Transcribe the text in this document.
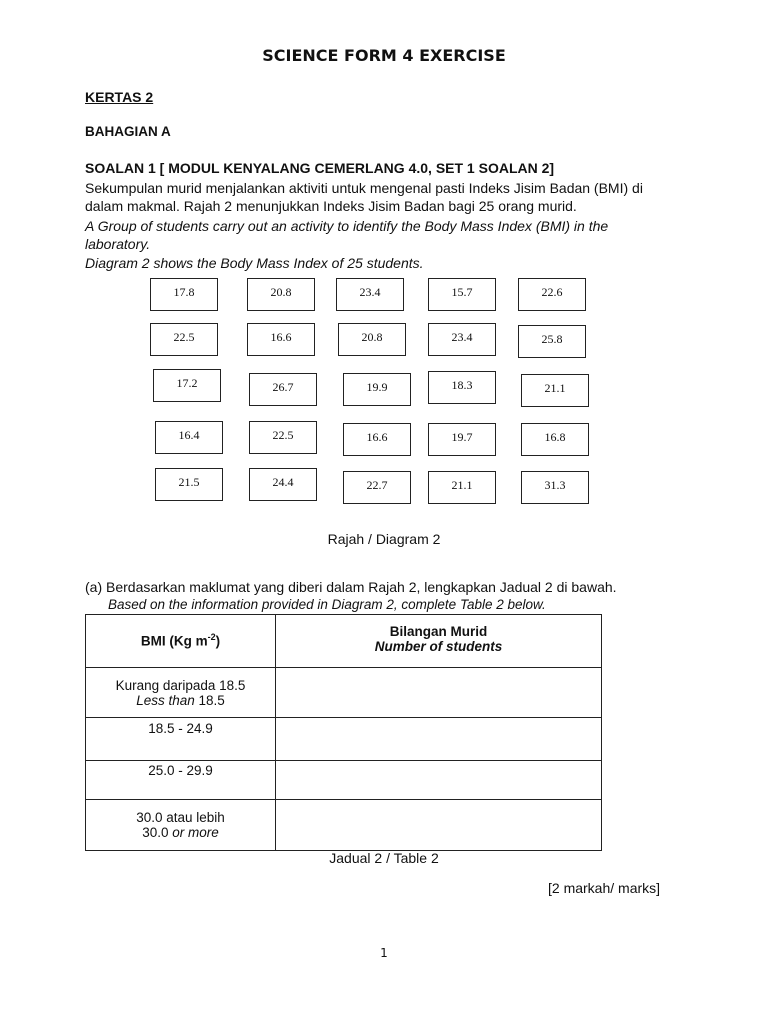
SCIENCE FORM 4 EXERCISE
KERTAS 2
BAHAGIAN A
SOALAN 1 [ MODUL KENYALANG CEMERLANG 4.0, SET 1 SOALAN 2]
Sekumpulan murid menjalankan aktiviti untuk mengenal pasti Indeks Jisim Badan (BMI) di
dalam makmal. Rajah 2 menunjukkan Indeks Jisim Badan bagi 25 orang murid.
A Group of students carry out an activity to identify the Body Mass Index (BMI) in the
laboratory.
Diagram 2 shows the Body Mass Index of 25 students.
17.8	20.8	23.4	15.7	22.6
22.5	16.6	20.8	23.4	25.8
17.2	26.7	19.9	18.3	21.1
16.4	22.5	16.6	19.7	16.8
21.5	24.4	22.7	21.1	31.3
Rajah / Diagram 2
(a) Berdasarkan maklumat yang diberi dalam Rajah 2, lengkapkan Jadual 2 di bawah.
Based on the information provided in Diagram 2, complete Table 2 below.
BMI (Kg $m^{-2}$)	Bilangan Murid
Number of students

Kurang daripada 18.5
Less than 18.5	

18.5 - 24.9	

25.0 - 29.9	

30.0 atau lebih
30.0 or more	

Jadual 2 / Table 2
[2 markah/ marks]
1
